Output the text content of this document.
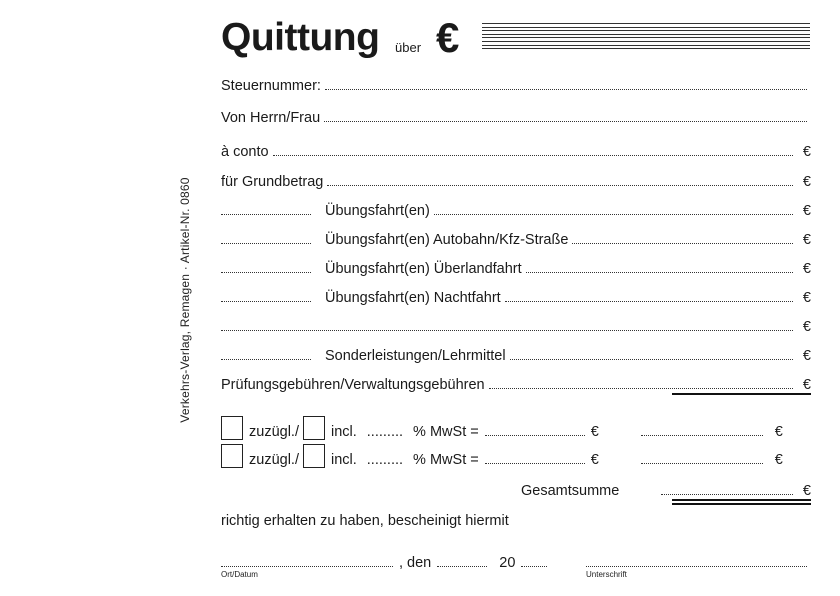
Verkehrs-Verlag, Remagen · Artikel-Nr. 0860
Quittung über €
Steuernummer:
Von Herrn/Frau
à conto	€
für Grundbetrag	€
Übungsfahrt(en)	€
Übungsfahrt(en) Autobahn/Kfz-Straße	€
Übungsfahrt(en) Überlandfahrt	€
Übungsfahrt(en) Nachtfahrt	€
€
Sonderleistungen/Lehrmittel	€
Prüfungsgebühren/Verwaltungsgebühren	€
zuzügl./ incl. ......... % MwSt =	€	€
zuzügl./ incl. ......... % MwSt =	€	€
Gesamtsumme	€
richtig erhalten zu haben, bescheinigt hiermit
, den	20
Ort/Datum	Unterschrift
